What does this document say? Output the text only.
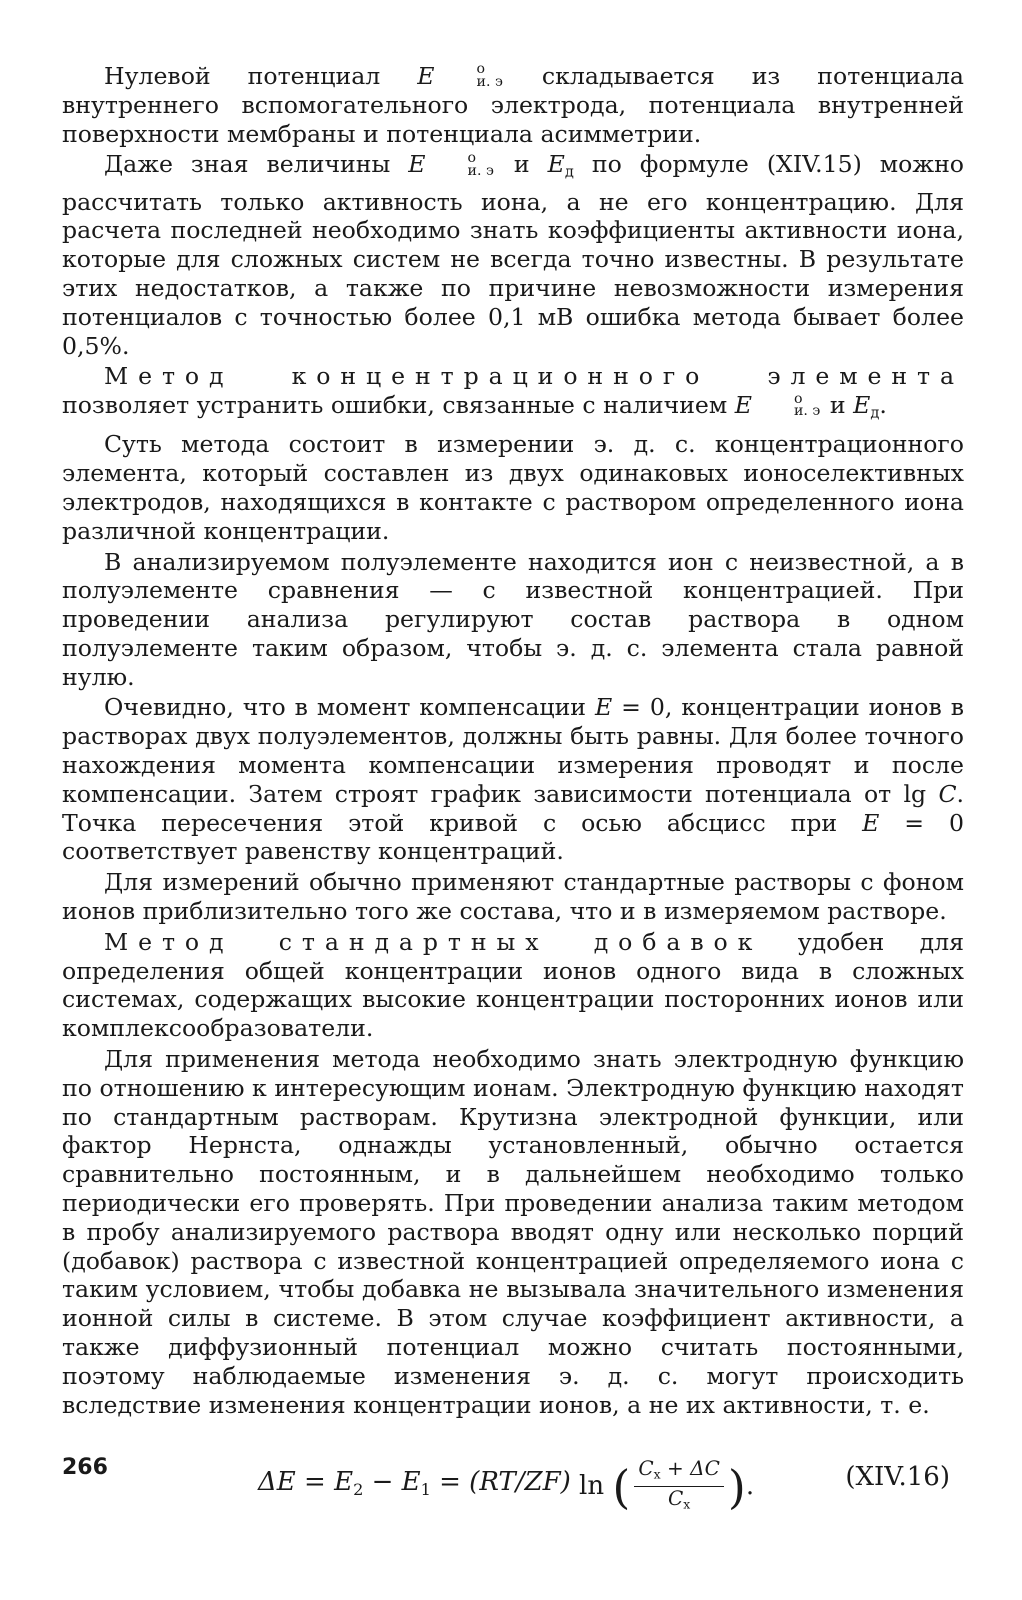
Нулевой потенциал E	о
и. э складывается из потенциала внутреннего вспомогательного электрода, потенциала внутренней поверхности мембраны и потенциала асимметрии.

Даже зная величины E	о
и. э и $E_д$ по формуле (XIV.15) можно рассчитать только активность иона, а не его концентрацию. Для расчета последней необходимо знать коэффициенты активности иона, которые для сложных систем не всегда точно известны. В результате этих недостатков, а также по причине невозможности измерения потенциалов с точностью более 0,1 мВ ошибка метода бывает более 0,5%.

Метод концентрационного элемента позволяет устранить ошибки, связанные с наличием E	о
и. э и $E_д$.

Суть метода состоит в измерении э. д. с. концентрационного элемента, который составлен из двух одинаковых ионоселективных электродов, находящихся в контакте с раствором определенного иона различной концентрации.

В анализируемом полуэлементе находится ион с неизвестной, а в полуэлементе сравнения — с известной концентрацией. При проведении анализа регулируют состав раствора в одном полуэлементе таким образом, чтобы э. д. с. элемента стала равной нулю.

Очевидно, что в момент компенсации E = 0, концентрации ионов в растворах двух полуэлементов, должны быть равны. Для более точного нахождения момента компенсации измерения проводят и после компенсации. Затем строят график зависимости потенциала от lg C. Точка пересечения этой кривой с осью абсцисс при E = 0 соответствует равенству концентраций.

Для измерений обычно применяют стандартные растворы с фоном ионов приблизительно того же состава, что и в измеряемом растворе.

Метод стандартных добавок удобен для определения общей концентрации ионов одного вида в сложных системах, содержащих высокие концентрации посторонних ионов или комплексообразователи.

Для применения метода необходимо знать электродную функцию по отношению к интересующим ионам. Электродную функцию находят по стандартным растворам. Крутизна электродной функции, или фактор Нернста, однажды установленный, обычно остается сравнительно постоянным, и в дальнейшем необходимо только периодически его проверять. При проведении анализа таким методом в пробу анализируемого раствора вводят одну или несколько порций (добавок) раствора с известной концентрацией определяемого иона с таким условием, чтобы добавка не вызывала значительного изменения ионной силы в системе. В этом случае коэффициент активности, а также диффузионный потенциал можно считать постоянными, поэтому наблюдаемые изменения э. д. с. могут происходить вследствие изменения концентрации ионов, а не их активности, т. е.

$\Delta E = E_2 - E_1 = (RT/ZF)$ ln ( $\frac{C_x + \Delta C}{C_x}$ ) .	(XIV.16)
266
